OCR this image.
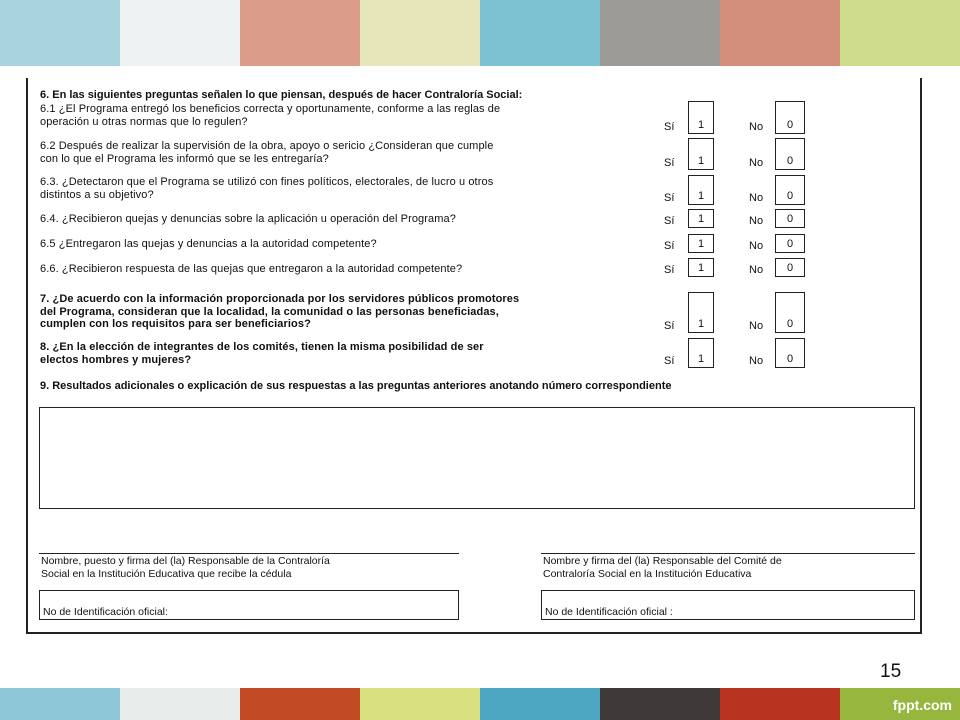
6. En las siguientes preguntas señalen lo que piensan, después de hacer Contraloría Social:
6.1 ¿El Programa entregó los beneficios correcta y oportunamente, conforme a las reglas de
operación u otras normas que lo regulen?	Sí	1	No	0
6.2 Después de realizar la supervisión de la obra, apoyo o sericio ¿Consideran que cumple
con lo que el Programa les informó que se les entregaría?	Sí	1	No	0
6.3. ¿Detectaron que el Programa se utilizó con fines políticos, electorales, de lucro u otros
distintos a su objetivo?	Sí	1	No	0
6.4. ¿Recibieron quejas y denuncias sobre la aplicación u operación del Programa?	Sí	1	No	0
6.5 ¿Entregaron las quejas y denuncias a la autoridad competente?	Sí	1	No	0
6.6. ¿Recibieron respuesta de las quejas que entregaron a la autoridad competente?	Sí	1	No	0
7. ¿De acuerdo con la información proporcionada por los servidores públicos promotores
del Programa, consideran que la localidad, la comunidad o las personas beneficiadas,
cumplen con los requisitos para ser beneficiarios?	Sí	1	No	0
8. ¿En la elección de integrantes de los comités, tienen la misma posibilidad de ser
electos hombres y mujeres?	Sí	1	No	0
9. Resultados adicionales o explicación de sus respuestas a las preguntas anteriores anotando número correspondiente
Nombre, puesto y firma del (la) Responsable de la Contraloría
Social en la Institución Educativa que recibe la cédula
Nombre y firma del (la) Responsable del Comité de
Contraloría Social en la Institución Educativa
No de Identificación oficial:	No de Identificación oficial :
15
fppt.com
